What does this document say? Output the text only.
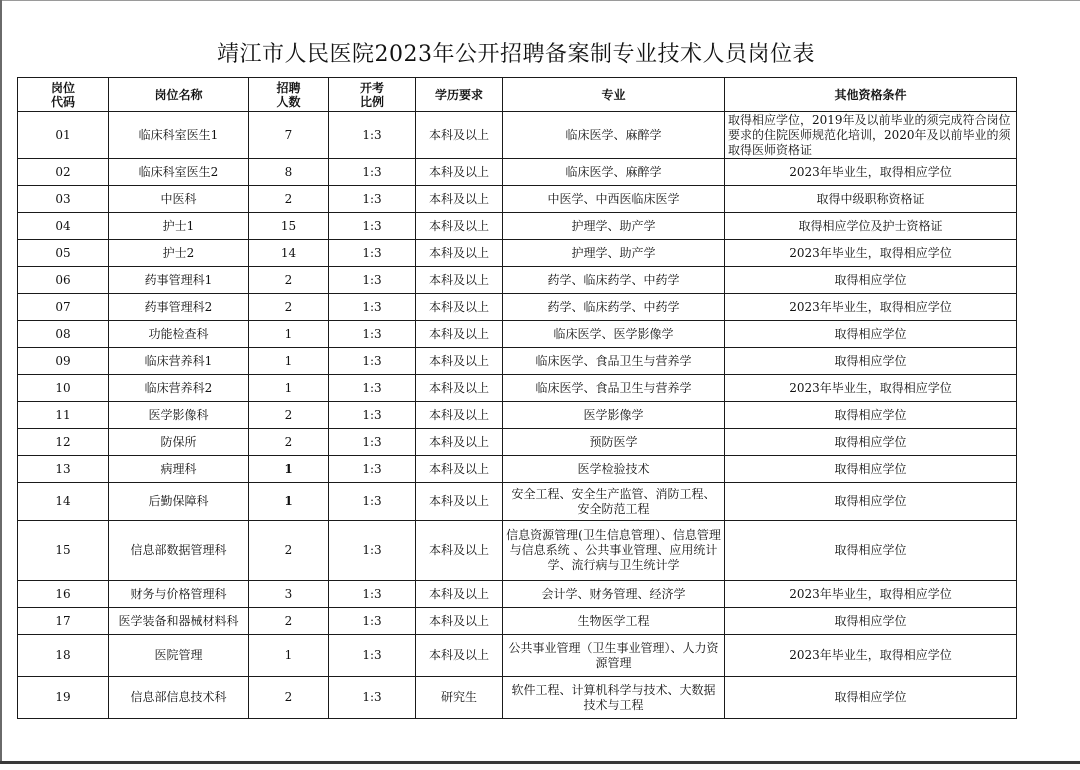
靖江市人民医院2023年公开招聘备案制专业技术人员岗位表
岗位代码	岗位名称	招聘人数	开考比例	学历要求	专业	其他资格条件
01	临床科室医生1	7	1:3	本科及以上	临床医学、麻醉学	取得相应学位，2019年及以前毕业的须完成符合岗位要求的住院医师规范化培训，2020年及以前毕业的须取得医师资格证
02	临床科室医生2	8	1:3	本科及以上	临床医学、麻醉学	2023年毕业生，取得相应学位
03	中医科	2	1:3	本科及以上	中医学、中西医临床医学	取得中级职称资格证
04	护士1	15	1:3	本科及以上	护理学、助产学	取得相应学位及护士资格证
05	护士2	14	1:3	本科及以上	护理学、助产学	2023年毕业生，取得相应学位
06	药事管理科1	2	1:3	本科及以上	药学、临床药学、中药学	取得相应学位
07	药事管理科2	2	1:3	本科及以上	药学、临床药学、中药学	2023年毕业生，取得相应学位
08	功能检查科	1	1:3	本科及以上	临床医学、医学影像学	取得相应学位
09	临床营养科1	1	1:3	本科及以上	临床医学、食品卫生与营养学	取得相应学位
10	临床营养科2	1	1:3	本科及以上	临床医学、食品卫生与营养学	2023年毕业生，取得相应学位
11	医学影像科	2	1:3	本科及以上	医学影像学	取得相应学位
12	防保所	2	1:3	本科及以上	预防医学	取得相应学位
13	病理科	1	1:3	本科及以上	医学检验技术	取得相应学位
14	后勤保障科	1	1:3	本科及以上	安全工程、安全生产监管、消防工程、安全防范工程	取得相应学位
15	信息部数据管理科	2	1:3	本科及以上	信息资源管理(卫生信息管理）、信息管理与信息系统 、公共事业管理、应用统计学、流行病与卫生统计学	取得相应学位
16	财务与价格管理科	3	1:3	本科及以上	会计学、财务管理、经济学	2023年毕业生，取得相应学位
17	医学装备和器械材料科	2	1:3	本科及以上	生物医学工程	取得相应学位
18	医院管理	1	1:3	本科及以上	公共事业管理（卫生事业管理）、人力资源管理	2023年毕业生，取得相应学位
19	信息部信息技术科	2	1:3	研究生	软件工程、计算机科学与技术、大数据技术与工程	取得相应学位
